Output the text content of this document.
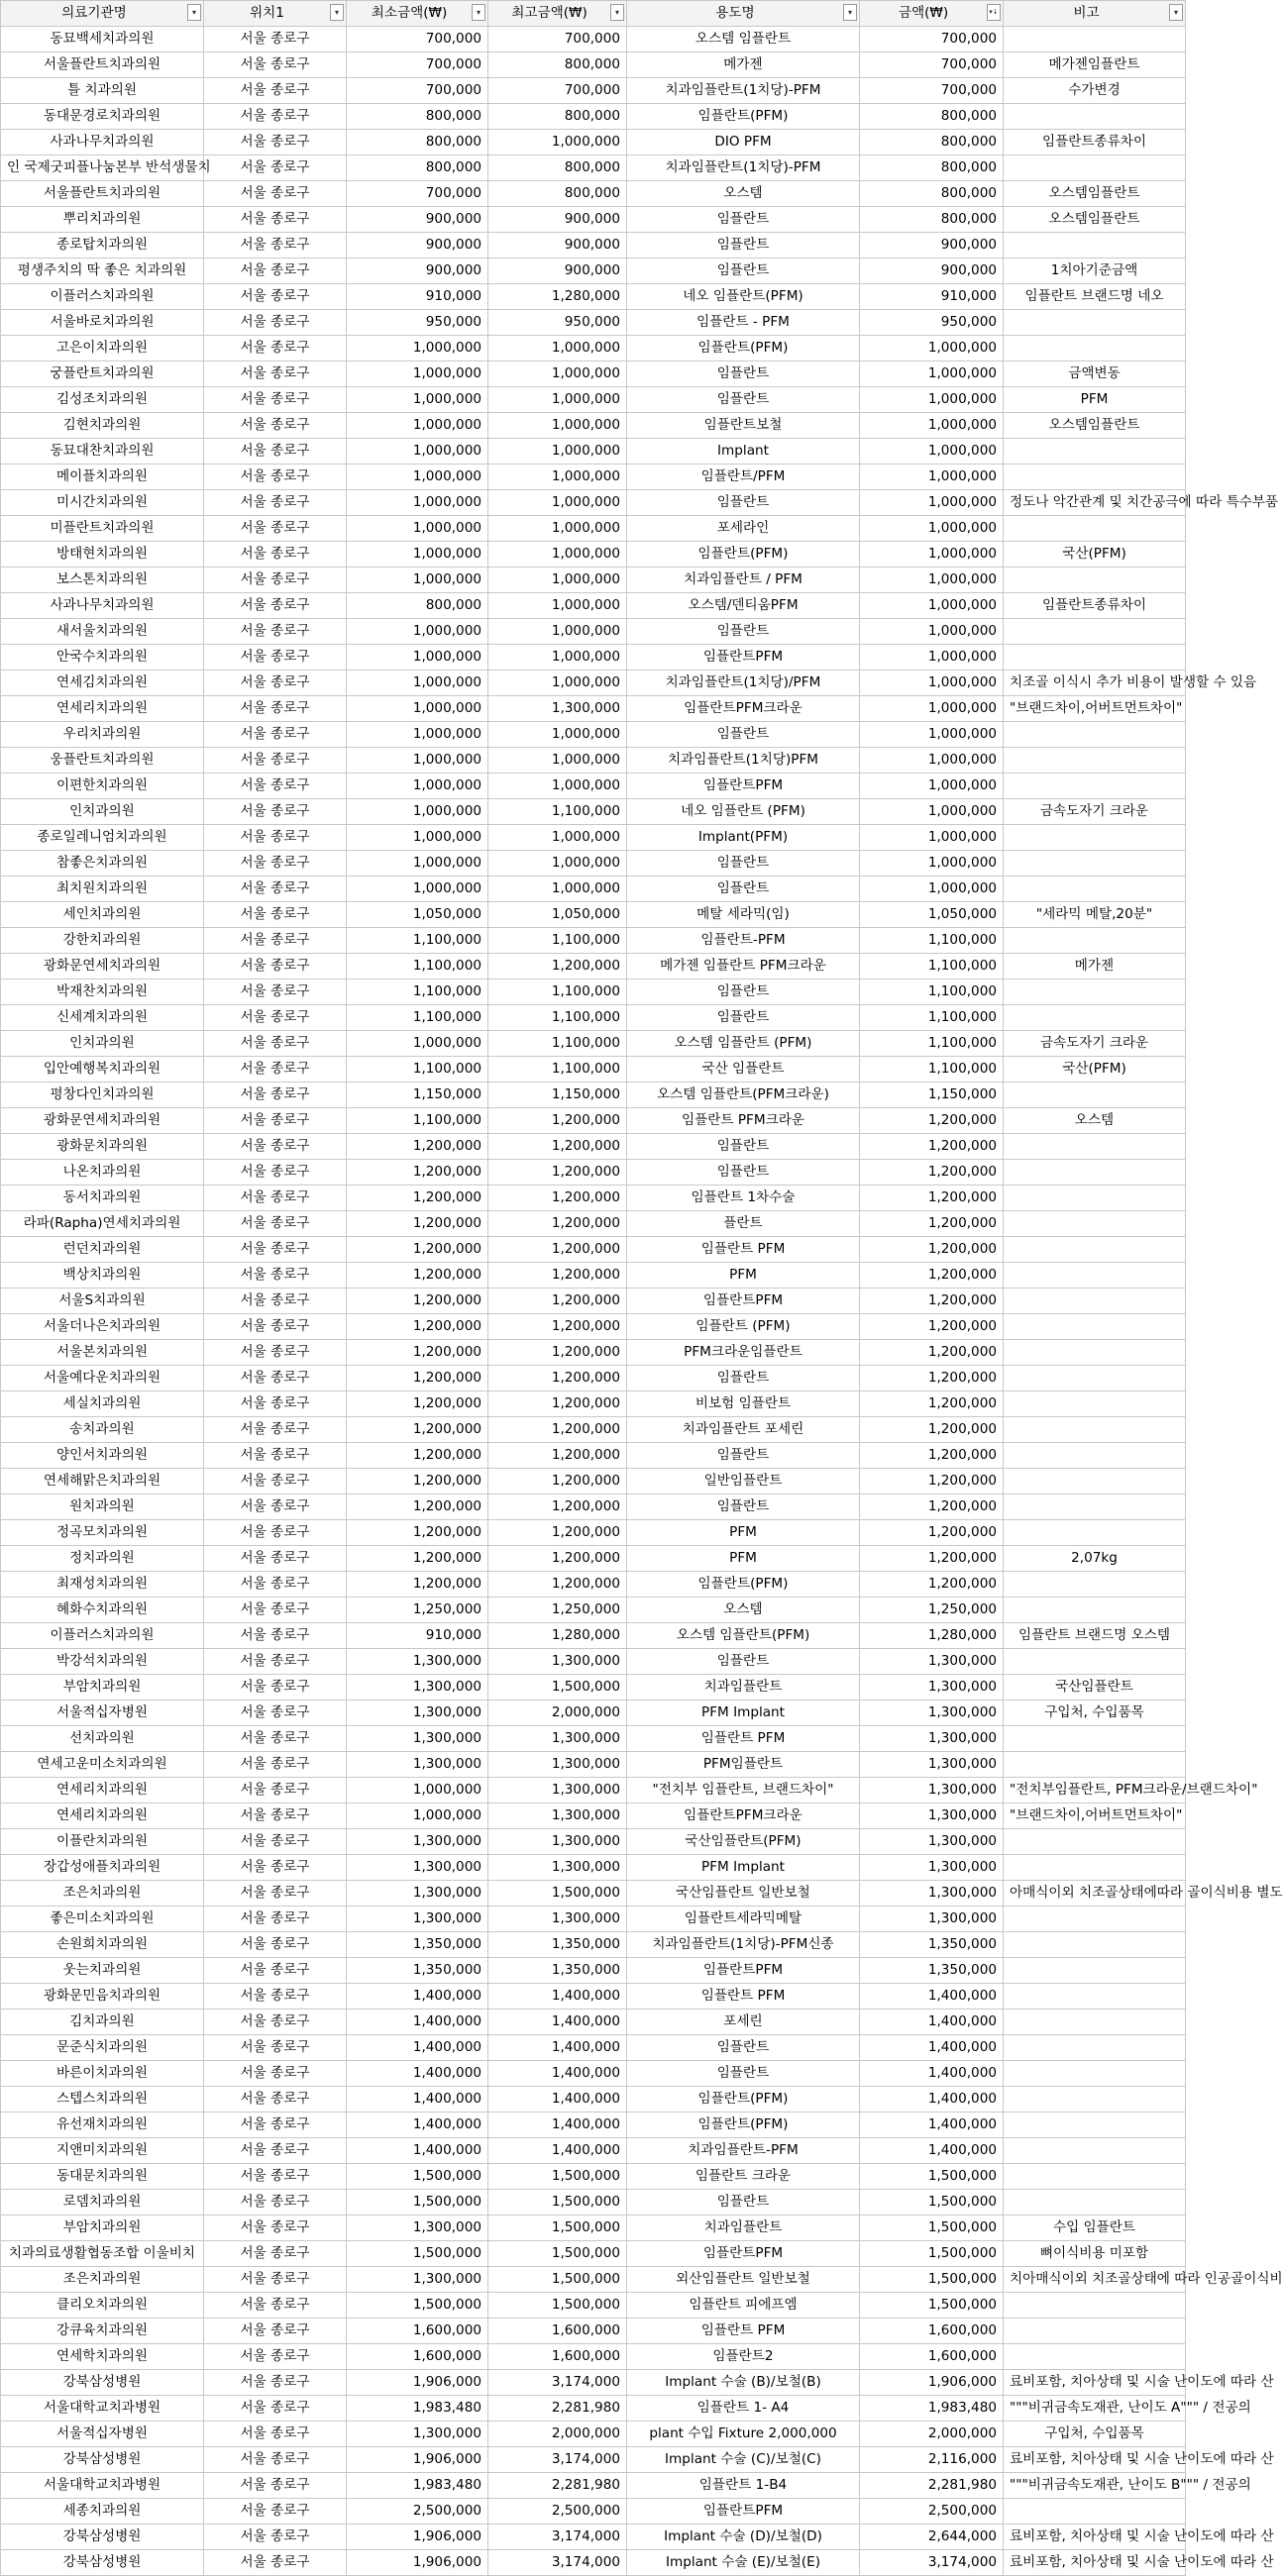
의료기관명 ▾	위치1 ▾	최소금액(₩) ▾	최고금액(₩) ▾	용도명 ▾	금액(₩) ▾↓	비고 ▾

동묘백세치과의원	서울 종로구	700,000	700,000	오스템 임플란트	700,000	
서울플란트치과의원	서울 종로구	700,000	800,000	메가젠	700,000	메가젠임플란트
틀 치과의원	서울 종로구	700,000	700,000	치과임플란트(1치당)-PFM	700,000	수가변경
동대문경로치과의원	서울 종로구	800,000	800,000	임플란트(PFM)	800,000	
사과나무치과의원	서울 종로구	800,000	1,000,000	DIO PFM	800,000	임플란트종류차이
인 국제굿피플나눔본부 반석생물치	서울 종로구	800,000	800,000	치과임플란트(1치당)-PFM	800,000	
서울플란트치과의원	서울 종로구	700,000	800,000	오스템	800,000	오스템임플란트
뿌리치과의원	서울 종로구	900,000	900,000	임플란트	800,000	오스템임플란트
종로탑치과의원	서울 종로구	900,000	900,000	임플란트	900,000	
평생주치의 딱 좋은 치과의원	서울 종로구	900,000	900,000	임플란트	900,000	1치아기준금액
이플러스치과의원	서울 종로구	910,000	1,280,000	네오 임플란트(PFM)	910,000	임플란트 브랜드명 네오
서울바로치과의원	서울 종로구	950,000	950,000	임플란트 - PFM	950,000	
고은이치과의원	서울 종로구	1,000,000	1,000,000	임플란트(PFM)	1,000,000	
궁플란트치과의원	서울 종로구	1,000,000	1,000,000	임플란트	1,000,000	금액변동
김성조치과의원	서울 종로구	1,000,000	1,000,000	임플란트	1,000,000	PFM
김현치과의원	서울 종로구	1,000,000	1,000,000	임플란트보철	1,000,000	오스템임플란트
동묘대찬치과의원	서울 종로구	1,000,000	1,000,000	Implant	1,000,000	
메이플치과의원	서울 종로구	1,000,000	1,000,000	임플란트/PFM	1,000,000	
미시간치과의원	서울 종로구	1,000,000	1,000,000	임플란트	1,000,000	정도나 악간관계 및 치간공극에 따라 특수부품
미플란트치과의원	서울 종로구	1,000,000	1,000,000	포세라인	1,000,000	
방태현치과의원	서울 종로구	1,000,000	1,000,000	임플란트(PFM)	1,000,000	국산(PFM)
보스톤치과의원	서울 종로구	1,000,000	1,000,000	치과임플란트 / PFM	1,000,000	
사과나무치과의원	서울 종로구	800,000	1,000,000	오스템/덴티움PFM	1,000,000	임플란트종류차이
새서울치과의원	서울 종로구	1,000,000	1,000,000	임플란트	1,000,000	
안국수치과의원	서울 종로구	1,000,000	1,000,000	임플란트PFM	1,000,000	
연세김치과의원	서울 종로구	1,000,000	1,000,000	치과임플란트(1치당)/PFM	1,000,000	치조골 이식시 추가 비용이 발생할 수 있음
연세리치과의원	서울 종로구	1,000,000	1,300,000	임플란트PFM크라운	1,000,000	"브랜드차이,어버트먼트차이"
우리치과의원	서울 종로구	1,000,000	1,000,000	임플란트	1,000,000	
웅플란트치과의원	서울 종로구	1,000,000	1,000,000	치과임플란트(1치당)PFM	1,000,000	
이편한치과의원	서울 종로구	1,000,000	1,000,000	임플란트PFM	1,000,000	
인치과의원	서울 종로구	1,000,000	1,100,000	네오 임플란트 (PFM)	1,000,000	금속도자기 크라운
종로일레니엄치과의원	서울 종로구	1,000,000	1,000,000	Implant(PFM)	1,000,000	
참좋은치과의원	서울 종로구	1,000,000	1,000,000	임플란트	1,000,000	
최치원치과의원	서울 종로구	1,000,000	1,000,000	임플란트	1,000,000	
세인치과의원	서울 종로구	1,050,000	1,050,000	메탈 세라믹(임)	1,050,000	"세라믹 메탈,20분"
강한치과의원	서울 종로구	1,100,000	1,100,000	임플란트-PFM	1,100,000	
광화문연세치과의원	서울 종로구	1,100,000	1,200,000	메가젠 임플란트 PFM크라운	1,100,000	메가젠
박재찬치과의원	서울 종로구	1,100,000	1,100,000	임플란트	1,100,000	
신세계치과의원	서울 종로구	1,100,000	1,100,000	임플란트	1,100,000	
인치과의원	서울 종로구	1,000,000	1,100,000	오스템 임플란트 (PFM)	1,100,000	금속도자기 크라운
입안예행복치과의원	서울 종로구	1,100,000	1,100,000	국산 임플란트	1,100,000	국산(PFM)
평창다인치과의원	서울 종로구	1,150,000	1,150,000	오스템 임플란트(PFM크라운)	1,150,000	
광화문연세치과의원	서울 종로구	1,100,000	1,200,000	임플란트 PFM크라운	1,200,000	오스템
광화문치과의원	서울 종로구	1,200,000	1,200,000	임플란트	1,200,000	
나온치과의원	서울 종로구	1,200,000	1,200,000	임플란트	1,200,000	
동서치과의원	서울 종로구	1,200,000	1,200,000	임플란트 1차수술	1,200,000	
라파(Rapha)연세치과의원	서울 종로구	1,200,000	1,200,000	플란트	1,200,000	
런던치과의원	서울 종로구	1,200,000	1,200,000	임플란트 PFM	1,200,000	
백상치과의원	서울 종로구	1,200,000	1,200,000	PFM	1,200,000	
서울S치과의원	서울 종로구	1,200,000	1,200,000	임플란트PFM	1,200,000	
서울더나은치과의원	서울 종로구	1,200,000	1,200,000	임플란트 (PFM)	1,200,000	
서울본치과의원	서울 종로구	1,200,000	1,200,000	PFM크라운임플란트	1,200,000	
서울예다운치과의원	서울 종로구	1,200,000	1,200,000	임플란트	1,200,000	
세실치과의원	서울 종로구	1,200,000	1,200,000	비보험 임플란트	1,200,000	
송치과의원	서울 종로구	1,200,000	1,200,000	치과임플란트 포세린	1,200,000	
양인서치과의원	서울 종로구	1,200,000	1,200,000	임플란트	1,200,000	
연세해맑은치과의원	서울 종로구	1,200,000	1,200,000	일반임플란트	1,200,000	
원치과의원	서울 종로구	1,200,000	1,200,000	임플란트	1,200,000	
정곡모치과의원	서울 종로구	1,200,000	1,200,000	PFM	1,200,000	
정치과의원	서울 종로구	1,200,000	1,200,000	PFM	1,200,000	2,07kg
최재성치과의원	서울 종로구	1,200,000	1,200,000	임플란트(PFM)	1,200,000	
혜화수치과의원	서울 종로구	1,250,000	1,250,000	오스템	1,250,000	
이플러스치과의원	서울 종로구	910,000	1,280,000	오스템 임플란트(PFM)	1,280,000	임플란트 브랜드명 오스템
박강석치과의원	서울 종로구	1,300,000	1,300,000	임플란트	1,300,000	
부암치과의원	서울 종로구	1,300,000	1,500,000	치과임플란트	1,300,000	국산임플란트
서울적십자병원	서울 종로구	1,300,000	2,000,000	PFM Implant	1,300,000	구입처, 수입품목
선치과의원	서울 종로구	1,300,000	1,300,000	임플란트 PFM	1,300,000	
연세고운미소치과의원	서울 종로구	1,300,000	1,300,000	PFM임플란트	1,300,000	
연세리치과의원	서울 종로구	1,000,000	1,300,000	"전치부 임플란트, 브랜드차이"	1,300,000	"전치부임플란트, PFM크라운/브랜드차이"
연세리치과의원	서울 종로구	1,000,000	1,300,000	임플란트PFM크라운	1,300,000	"브랜드차이,어버트먼트차이"
이플란치과의원	서울 종로구	1,300,000	1,300,000	국산임플란트(PFM)	1,300,000	
장갑성애플치과의원	서울 종로구	1,300,000	1,300,000	PFM Implant	1,300,000	
조은치과의원	서울 종로구	1,300,000	1,500,000	국산임플란트 일반보철	1,300,000	아매식이외 치조골상태에따라 골이식비용 별도
좋은미소치과의원	서울 종로구	1,300,000	1,300,000	임플란트세라믹메탈	1,300,000	
손원희치과의원	서울 종로구	1,350,000	1,350,000	치과임플란트(1치당)-PFM신종	1,350,000	
웃는치과의원	서울 종로구	1,350,000	1,350,000	임플란트PFM	1,350,000	
광화문민음치과의원	서울 종로구	1,400,000	1,400,000	임플란트 PFM	1,400,000	
김치과의원	서울 종로구	1,400,000	1,400,000	포세린	1,400,000	
문준식치과의원	서울 종로구	1,400,000	1,400,000	임플란트	1,400,000	
바른이치과의원	서울 종로구	1,400,000	1,400,000	임플란트	1,400,000	
스텝스치과의원	서울 종로구	1,400,000	1,400,000	임플란트(PFM)	1,400,000	
유선재치과의원	서울 종로구	1,400,000	1,400,000	임플란트(PFM)	1,400,000	
지앤미치과의원	서울 종로구	1,400,000	1,400,000	치과임플란트-PFM	1,400,000	
동대문치과의원	서울 종로구	1,500,000	1,500,000	임플란트 크라운	1,500,000	
로뎀치과의원	서울 종로구	1,500,000	1,500,000	임플란트	1,500,000	
부암치과의원	서울 종로구	1,300,000	1,500,000	치과임플란트	1,500,000	수입 임플란트
치과의료생활협동조합 이울비치	서울 종로구	1,500,000	1,500,000	임플란트PFM	1,500,000	뼈이식비용 미포함
조은치과의원	서울 종로구	1,300,000	1,500,000	외산임플란트 일반보철	1,500,000	치아매식이외 치조골상태에 따라 인공골이식비
클리오치과의원	서울 종로구	1,500,000	1,500,000	임플란트 피에프엠	1,500,000	
강큐육치과의원	서울 종로구	1,600,000	1,600,000	임플란트 PFM	1,600,000	
연세학치과의원	서울 종로구	1,600,000	1,600,000	임플란트2	1,600,000	
강북삼성병원	서울 종로구	1,906,000	3,174,000	Implant 수술 (B)/보철(B)	1,906,000	료비포함, 치아상태 및 시술 난이도에 따라 산
서울대학교치과병원	서울 종로구	1,983,480	2,281,980	임플란트 1- A4	1,983,480	"""비귀금속도재관, 난이도 A""" / 전공의
서울적십자병원	서울 종로구	1,300,000	2,000,000	plant 수입 Fixture 2,000,000	2,000,000	구입처, 수입품목
강북삼성병원	서울 종로구	1,906,000	3,174,000	Implant 수술 (C)/보철(C)	2,116,000	료비포함, 치아상태 및 시술 난이도에 따라 산
서울대학교치과병원	서울 종로구	1,983,480	2,281,980	임플란트 1-B4	2,281,980	"""비귀금속도재관, 난이도 B""" / 전공의
세종치과의원	서울 종로구	2,500,000	2,500,000	임플란트PFM	2,500,000	
강북삼성병원	서울 종로구	1,906,000	3,174,000	Implant 수술 (D)/보철(D)	2,644,000	료비포함, 치아상태 및 시술 난이도에 따라 산
강북삼성병원	서울 종로구	1,906,000	3,174,000	Implant 수술 (E)/보철(E)	3,174,000	료비포함, 치아상태 및 시술 난이도에 따라 산
